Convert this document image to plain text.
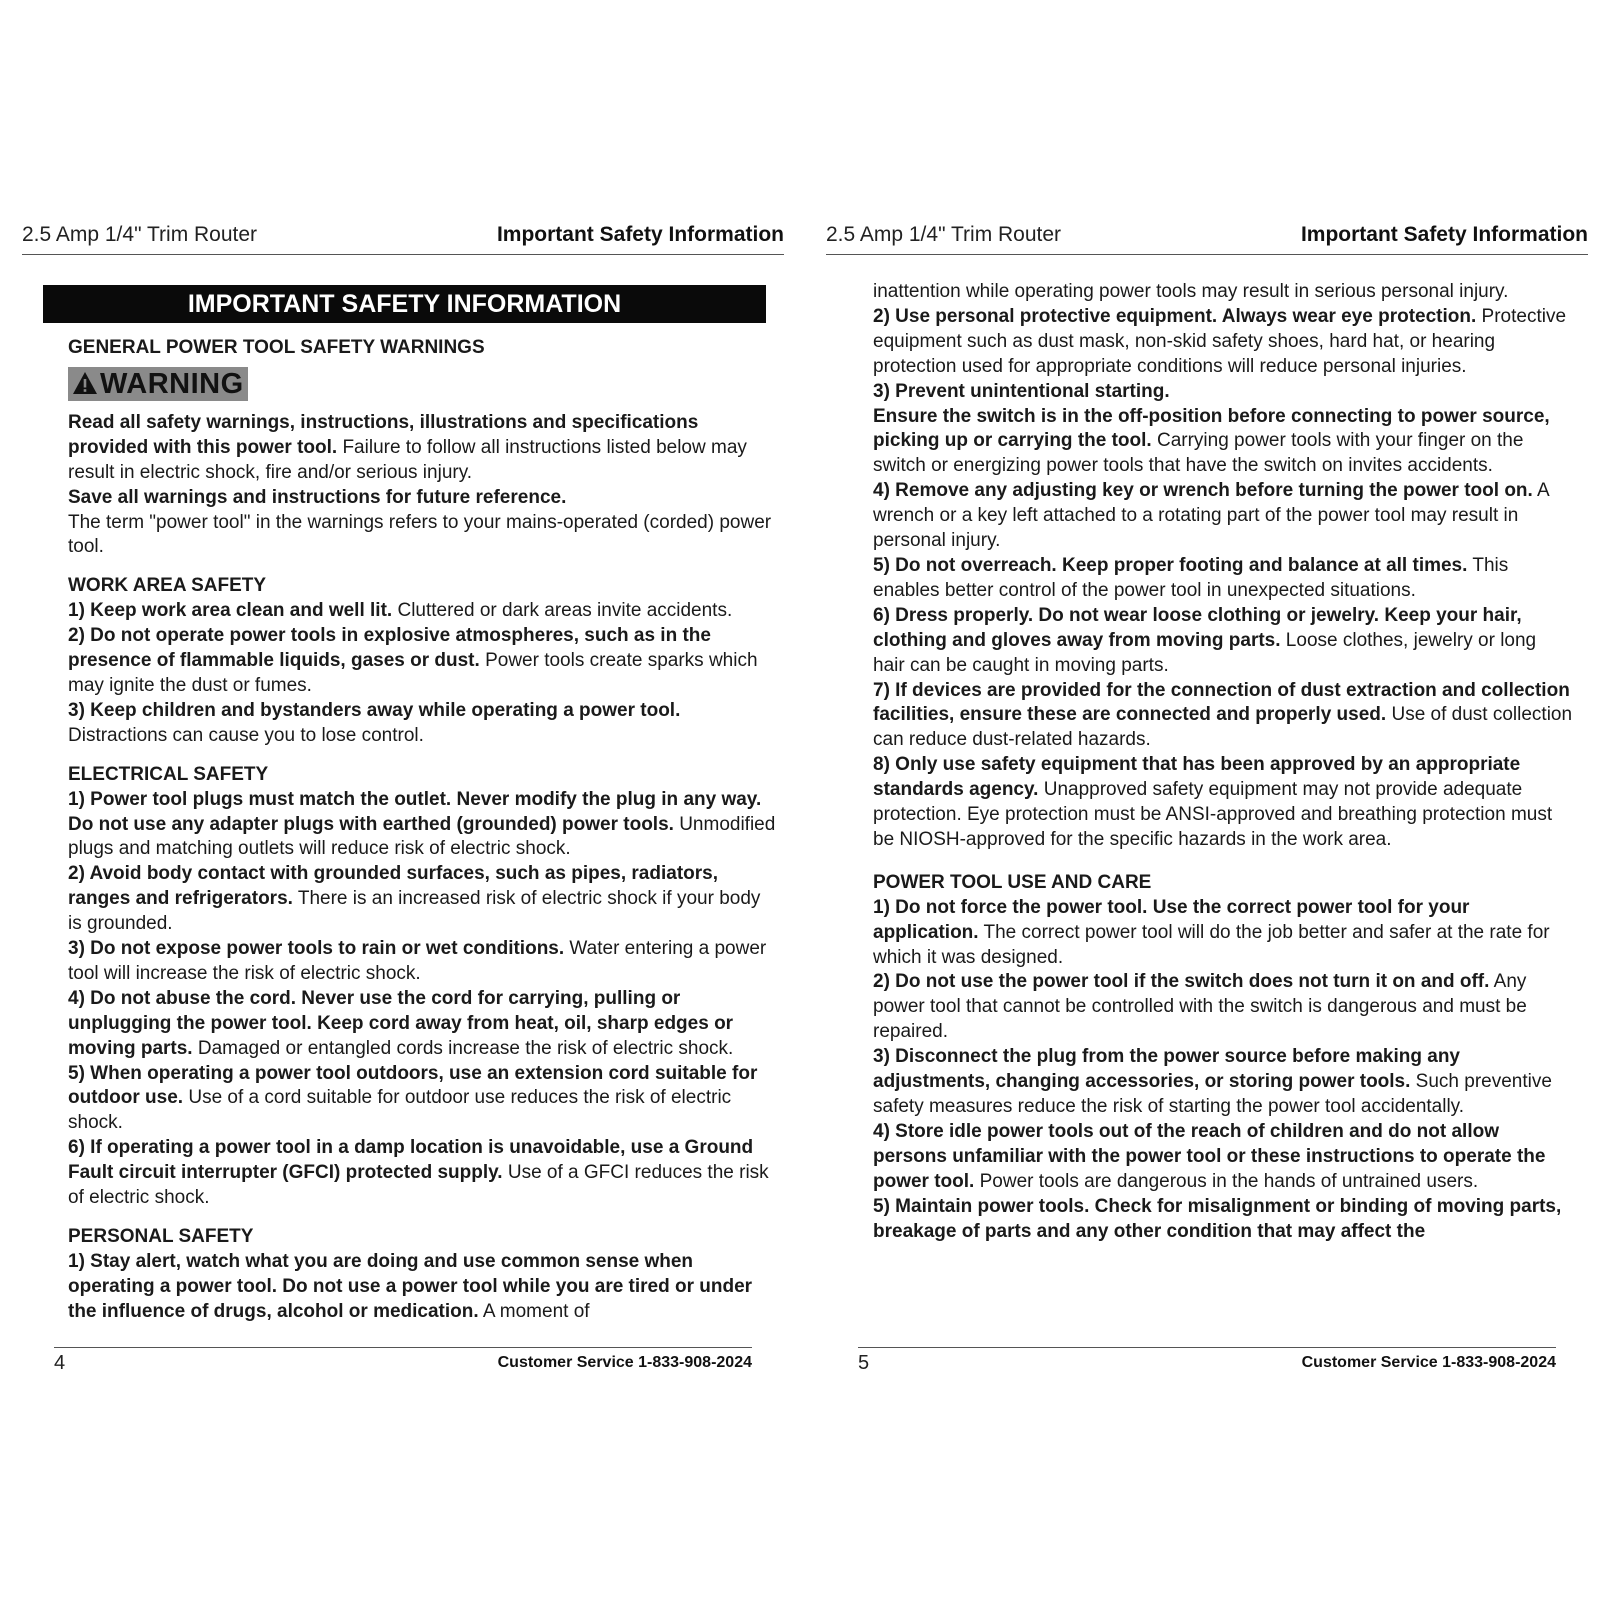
2.5 Amp 1/4" Trim Router	Important Safety Information
IMPORTANT SAFETY INFORMATION

GENERAL POWER TOOL SAFETY WARNINGS

WARNING

Read all safety warnings, instructions, illustrations and specifications provided with this power tool. Failure to follow all instructions listed below may result in electric shock, fire and/or serious injury.

Save all warnings and instructions for future reference.

The term "power tool" in the warnings refers to your mains-operated (corded) power tool.

WORK AREA SAFETY

1) Keep work area clean and well lit. Cluttered or dark areas invite accidents.

2) Do not operate power tools in explosive atmospheres, such as in the presence of flammable liquids, gases or dust. Power tools create sparks which may ignite the dust or fumes.

3) Keep children and bystanders away while operating a power tool. Distractions can cause you to lose control.

ELECTRICAL SAFETY

1) Power tool plugs must match the outlet. Never modify the plug in any way. Do not use any adapter plugs with earthed (grounded) power tools. Unmodified plugs and matching outlets will reduce risk of electric shock.

2) Avoid body contact with grounded surfaces, such as pipes, radiators, ranges and refrigerators. There is an increased risk of electric shock if your body is grounded.

3) Do not expose power tools to rain or wet conditions. Water entering a power tool will increase the risk of electric shock.

4) Do not abuse the cord. Never use the cord for carrying, pulling or unplugging the power tool. Keep cord away from heat, oil, sharp edges or moving parts. Damaged or entangled cords increase the risk of electric shock.

5) When operating a power tool outdoors, use an extension cord suitable for outdoor use. Use of a cord suitable for outdoor use reduces the risk of electric shock.

6) If operating a power tool in a damp location is unavoidable, use a Ground Fault circuit interrupter (GFCI) protected supply. Use of a GFCI reduces the risk of electric shock.

PERSONAL SAFETY

1) Stay alert, watch what you are doing and use common sense when operating a power tool. Do not use a power tool while you are tired or under the influence of drugs, alcohol or medication. A moment of

4	Customer Service 1-833-908-2024
2.5 Amp 1/4" Trim Router	Important Safety Information

inattention while operating power tools may result in serious personal injury.

2) Use personal protective equipment. Always wear eye protection. Protective equipment such as dust mask, non-skid safety shoes, hard hat, or hearing protection used for appropriate conditions will reduce personal injuries.

3) Prevent unintentional starting.

Ensure the switch is in the off-position before connecting to power source, picking up or carrying the tool. Carrying power tools with your finger on the switch or energizing power tools that have the switch on invites accidents.

4) Remove any adjusting key or wrench before turning the power tool on. A wrench or a key left attached to a rotating part of the power tool may result in personal injury.

5) Do not overreach. Keep proper footing and balance at all times. This enables better control of the power tool in unexpected situations.

6) Dress properly. Do not wear loose clothing or jewelry. Keep your hair, clothing and gloves away from moving parts. Loose clothes, jewelry or long hair can be caught in moving parts.

7) If devices are provided for the connection of dust extraction and collection facilities, ensure these are connected and properly used. Use of dust collection can reduce dust-related hazards.

8) Only use safety equipment that has been approved by an appropriate standards agency. Unapproved safety equipment may not provide adequate protection. Eye protection must be ANSI-approved and breathing protection must be NIOSH-approved for the specific hazards in the work area.

POWER TOOL USE AND CARE

1) Do not force the power tool. Use the correct power tool for your application. The correct power tool will do the job better and safer at the rate for which it was designed.

2) Do not use the power tool if the switch does not turn it on and off. Any power tool that cannot be controlled with the switch is dangerous and must be repaired.

3) Disconnect the plug from the power source before making any adjustments, changing accessories, or storing power tools. Such preventive safety measures reduce the risk of starting the power tool accidentally.

4) Store idle power tools out of the reach of children and do not allow persons unfamiliar with the power tool or these instructions to operate the power tool. Power tools are dangerous in the hands of untrained users.

5) Maintain power tools. Check for misalignment or binding of moving parts, breakage of parts and any other condition that may affect the

5	Customer Service 1-833-908-2024
